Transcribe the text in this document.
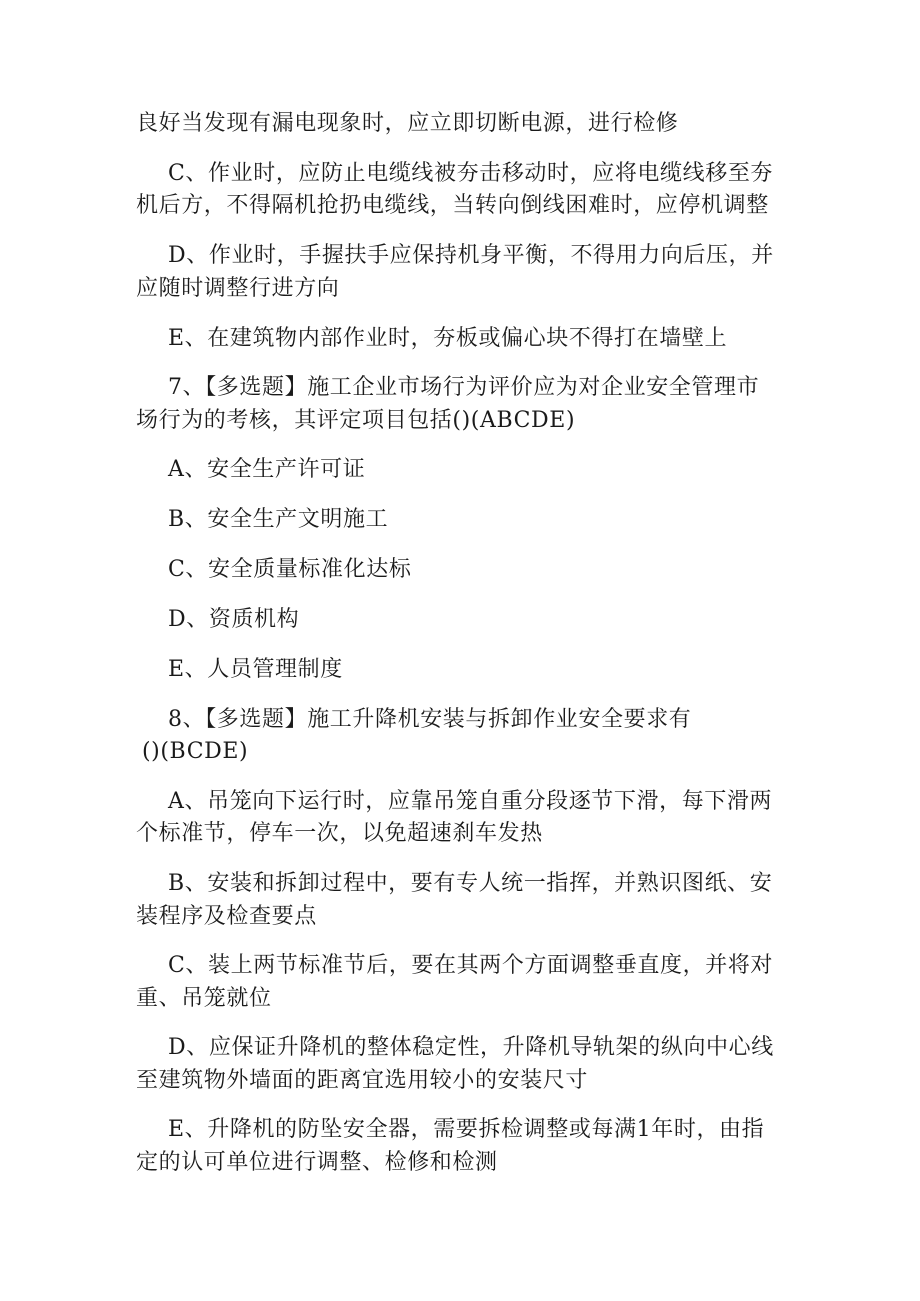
良好当发现有漏电现象时，应立即切断电源，进行检修
C、作业时，应防止电缆线被夯击移动时，应将电缆线移至夯
机后方，不得隔机抢扔电缆线，当转向倒线困难时，应停机调整
D、作业时，手握扶手应保持机身平衡，不得用力向后压，并
应随时调整行进方向
E、在建筑物内部作业时，夯板或偏心块不得打在墙壁上
7、【多选题】施工企业市场行为评价应为对企业安全管理市
场行为的考核，其评定项目包括()(ABCDE)
A、安全生产许可证
B、安全生产文明施工
C、安全质量标准化达标
D、资质机构
E、人员管理制度
8、【多选题】施工升降机安装与拆卸作业安全要求有
()(BCDE)
A、吊笼向下运行时，应靠吊笼自重分段逐节下滑，每下滑两
个标准节，停车一次，以免超速刹车发热
B、安装和拆卸过程中，要有专人统一指挥，并熟识图纸、安
装程序及检查要点
C、装上两节标准节后，要在其两个方面调整垂直度，并将对
重、吊笼就位
D、应保证升降机的整体稳定性，升降机导轨架的纵向中心线
至建筑物外墙面的距离宜选用较小的安装尺寸
E、升降机的防坠安全器，需要拆检调整或每满1年时，由指
定的认可单位进行调整、检修和检测
